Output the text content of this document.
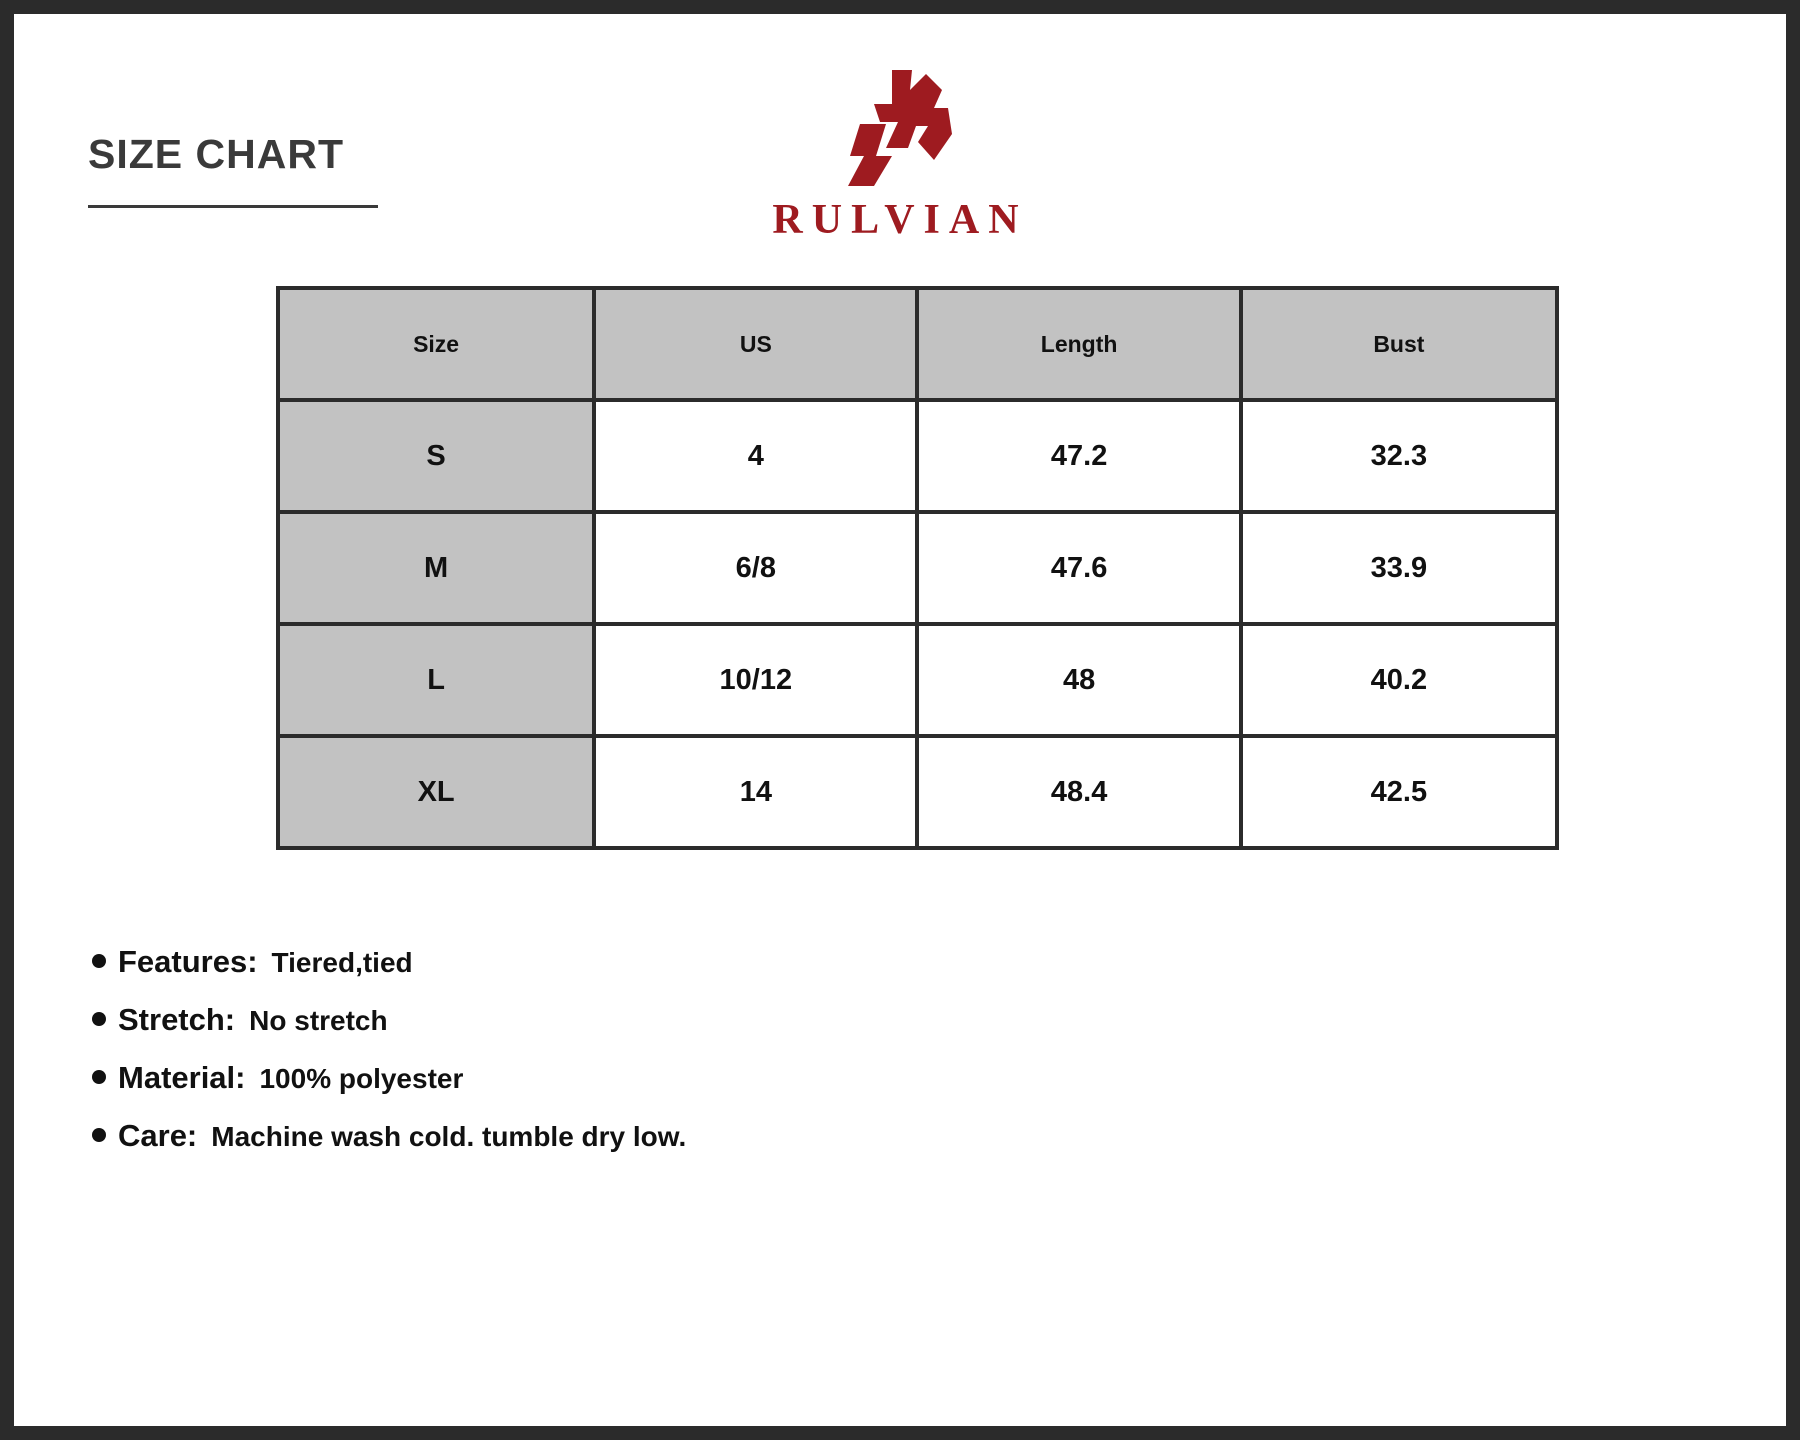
SIZE CHART
RULVIAN
Size	US	Length	Bust
S	4	47.2	32.3
M	6/8	47.6	33.9
L	10/12	48	40.2
XL	14	48.4	42.5
Features: Tiered,tied
Stretch: No stretch
Material: 100% polyester
Care: Machine wash cold. tumble dry low.
